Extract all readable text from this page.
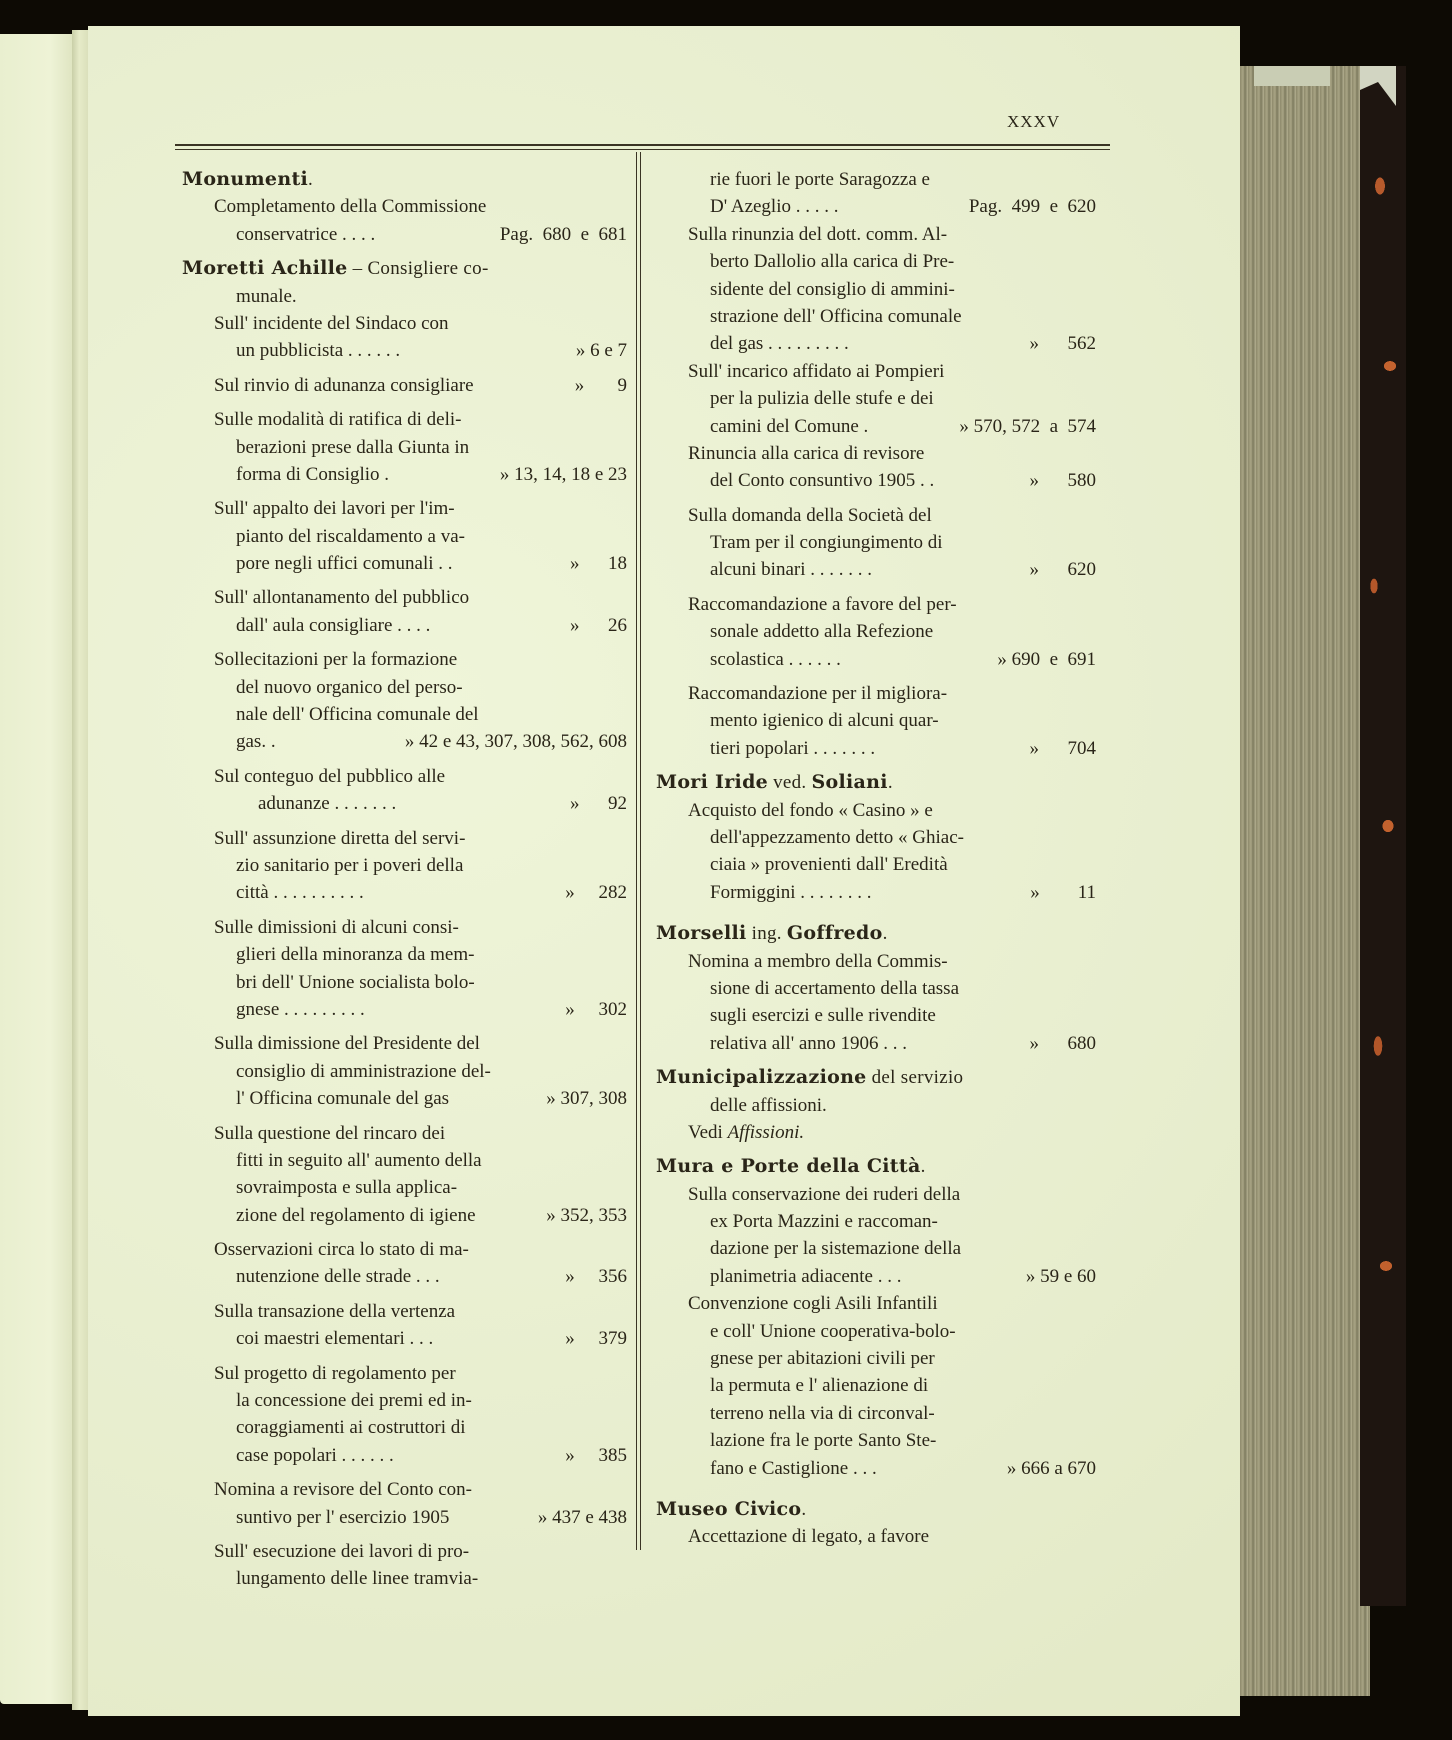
XXXV
Monumenti.
Completamento della Commissione
conservatrice . . . .	Pag.  680  e  681
Moretti Achille – Consigliere co-
munale.
Sull' incidente del Sindaco con
un pubblicista . . . . . .	» 6 e 7
Sul rinvio di adunanza consigliare	»       9
Sulle modalità di ratifica di deli-
berazioni prese dalla Giunta in
forma di Consiglio .	» 13, 14, 18 e 23
Sull' appalto dei lavori per l'im-
pianto del riscaldamento a va-
pore negli uffici comunali . .	»      18
Sull' allontanamento del pubblico
dall' aula consigliare . . . .	»      26
Sollecitazioni per la formazione
del nuovo organico del perso-
nale dell' Officina comunale del
gas. .	» 42 e 43, 307, 308, 562, 608
Sul conteguo del pubblico alle
adunanze . . . . . . .	»      92
Sull' assunzione diretta del servi-
zio sanitario per i poveri della
città . . . . . . . . . .	»     282
Sulle dimissioni di alcuni consi-
glieri della minoranza da mem-
bri dell' Unione socialista bolo-
gnese . . . . . . . . .	»     302
Sulla dimissione del Presidente del
consiglio di amministrazione del-
l' Officina comunale del gas	» 307, 308
Sulla questione del rincaro dei
fitti in seguito all' aumento della
sovraimposta e sulla applica-
zione del regolamento di igiene	» 352, 353
Osservazioni circa lo stato di ma-
nutenzione delle strade . . .	»     356
Sulla transazione della vertenza
coi maestri elementari . . .	»     379
Sul progetto di regolamento per
la concessione dei premi ed in-
coraggiamenti ai costruttori di
case popolari . . . . . .	»     385
Nomina a revisore del Conto con-
suntivo per l' esercizio 1905	» 437 e 438
Sull' esecuzione dei lavori di pro-
lungamento delle linee tramvia-
rie fuori le porte Saragozza e
D' Azeglio . . . . .	Pag.  499  e  620
Sulla rinunzia del dott. comm. Al-
berto Dallolio alla carica di Pre-
sidente del consiglio di ammini-
strazione dell' Officina comunale
del gas . . . . . . . . .	»      562
Sull' incarico affidato ai Pompieri
per la pulizia delle stufe e dei
camini del Comune .	» 570, 572  a  574
Rinuncia alla carica di revisore
del Conto consuntivo 1905 . .	»      580
Sulla domanda della Società del
Tram per il congiungimento di
alcuni binari . . . . . . .	»      620
Raccomandazione a favore del per-
sonale addetto alla Refezione
scolastica . . . . . .	» 690  e  691
Raccomandazione per il migliora-
mento igienico di alcuni quar-
tieri popolari . . . . . . .	»      704
Mori Iride ved. Soliani.
Acquisto del fondo « Casino » e
dell'appezzamento detto « Ghiac-
ciaia » provenienti dall' Eredità
Formiggini . . . . . . . .	»        11
Morselli ing. Goffredo.
Nomina a membro della Commis-
sione di accertamento della tassa
sugli esercizi e sulle rivendite
relativa all' anno 1906 . . .	»      680
Municipalizzazione del servizio
delle affissioni.
Vedi Affissioni.
Mura e Porte della Città.
Sulla conservazione dei ruderi della
ex Porta Mazzini e raccoman-
dazione per la sistemazione della
planimetria adiacente . . .	» 59 e 60
Convenzione cogli Asili Infantili
e coll' Unione cooperativa-bolo-
gnese per abitazioni civili per
la permuta e l' alienazione di
terreno nella via di circonval-
lazione fra le porte Santo Ste-
fano e Castiglione . . .	» 666 a 670
Museo Civico.
Accettazione di legato, a favore
